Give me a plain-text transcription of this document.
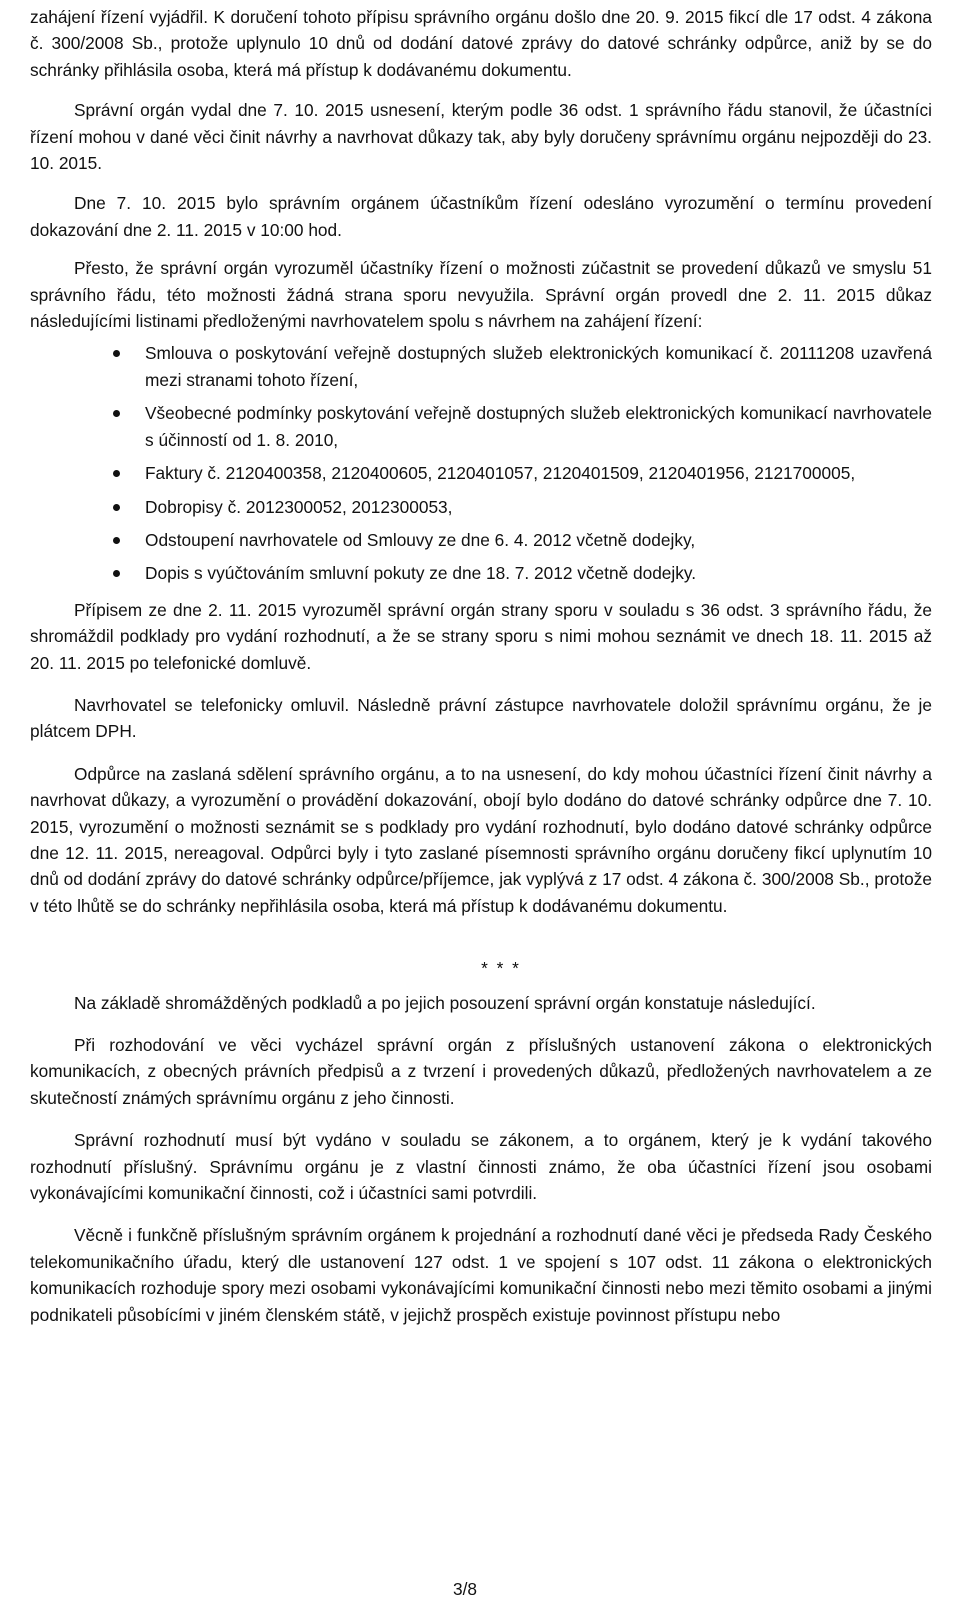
zahájení řízení vyjádřil. K doručení tohoto přípisu správního orgánu došlo dne 20. 9. 2015 fikcí dle 17 odst. 4 zákona č. 300/2008 Sb., protože uplynulo 10 dnů od dodání datové zprávy do datové schránky odpůrce, aniž by se do schránky přihlásila osoba, která má přístup k dodávanému dokumentu.

Správní orgán vydal dne 7. 10. 2015 usnesení, kterým podle 36 odst. 1 správního řádu stanovil, že účastníci řízení mohou v dané věci činit návrhy a navrhovat důkazy tak, aby byly doručeny správnímu orgánu nejpozději do 23. 10. 2015.

Dne 7. 10. 2015 bylo správním orgánem účastníkům řízení odesláno vyrozumění o termínu provedení dokazování dne 2. 11. 2015 v 10:00 hod.

Přesto, že správní orgán vyrozuměl účastníky řízení o možnosti zúčastnit se provedení důkazů ve smyslu 51 správního řádu, této možnosti žádná strana sporu nevyužila. Správní orgán provedl dne 2. 11. 2015 důkaz následujícími listinami předloženými navrhovatelem spolu s návrhem na zahájení řízení:

Smlouva o poskytování veřejně dostupných služeb elektronických komunikací č. 20111208 uzavřená mezi stranami tohoto řízení,
Všeobecné podmínky poskytování veřejně dostupných služeb elektronických komunikací navrhovatele s účinností od 1. 8. 2010,
Faktury č. 2120400358, 2120400605, 2120401057, 2120401509, 2120401956, 2121700005,
Dobropisy č. 2012300052, 2012300053,
Odstoupení navrhovatele od Smlouvy ze dne 6. 4. 2012 včetně dodejky,
Dopis s vyúčtováním smluvní pokuty ze dne 18. 7. 2012 včetně dodejky.

Přípisem ze dne 2. 11. 2015 vyrozuměl správní orgán strany sporu v souladu s 36 odst. 3 správního řádu, že shromáždil podklady pro vydání rozhodnutí, a že se strany sporu s nimi mohou seznámit ve dnech 18. 11. 2015 až 20. 11. 2015 po telefonické domluvě.

Navrhovatel se telefonicky omluvil. Následně právní zástupce navrhovatele doložil správnímu orgánu, že je plátcem DPH.

Odpůrce na zaslaná sdělení správního orgánu, a to na usnesení, do kdy mohou účastníci řízení činit návrhy a navrhovat důkazy, a vyrozumění o provádění dokazování, obojí bylo dodáno do datové schránky odpůrce dne 7. 10. 2015, vyrozumění o možnosti seznámit se s podklady pro vydání rozhodnutí, bylo dodáno datové schránky odpůrce dne 12. 11. 2015, nereagoval. Odpůrci byly i tyto zaslané písemnosti správního orgánu doručeny fikcí uplynutím 10 dnů od dodání zprávy do datové schránky odpůrce/příjemce, jak vyplývá z 17 odst. 4 zákona č. 300/2008 Sb., protože v této lhůtě se do schránky nepřihlásila osoba, která má přístup k dodávanému dokumentu.

* * *

Na základě shromážděných podkladů a po jejich posouzení správní orgán konstatuje následující.

Při rozhodování ve věci vycházel správní orgán z příslušných ustanovení zákona o elektronických komunikacích, z obecných právních předpisů a z tvrzení i provedených důkazů, předložených navrhovatelem a ze skutečností známých správnímu orgánu z jeho činnosti.

Správní rozhodnutí musí být vydáno v souladu se zákonem, a to orgánem, který je k vydání takového rozhodnutí příslušný. Správnímu orgánu je z vlastní činnosti známo, že oba účastníci řízení jsou osobami vykonávajícími komunikační činnosti, což i účastníci sami potvrdili.

Věcně i funkčně příslušným správním orgánem k projednání a rozhodnutí dané věci je předseda Rady Českého telekomunikačního úřadu, který dle ustanovení 127 odst. 1 ve spojení s 107 odst. 11 zákona o elektronických komunikacích rozhoduje spory mezi osobami vykonávajícími komunikační činnosti nebo mezi těmito osobami a jinými podnikateli působícími v jiném členském státě, v jejichž prospěch existuje povinnost přístupu nebo

3/8
